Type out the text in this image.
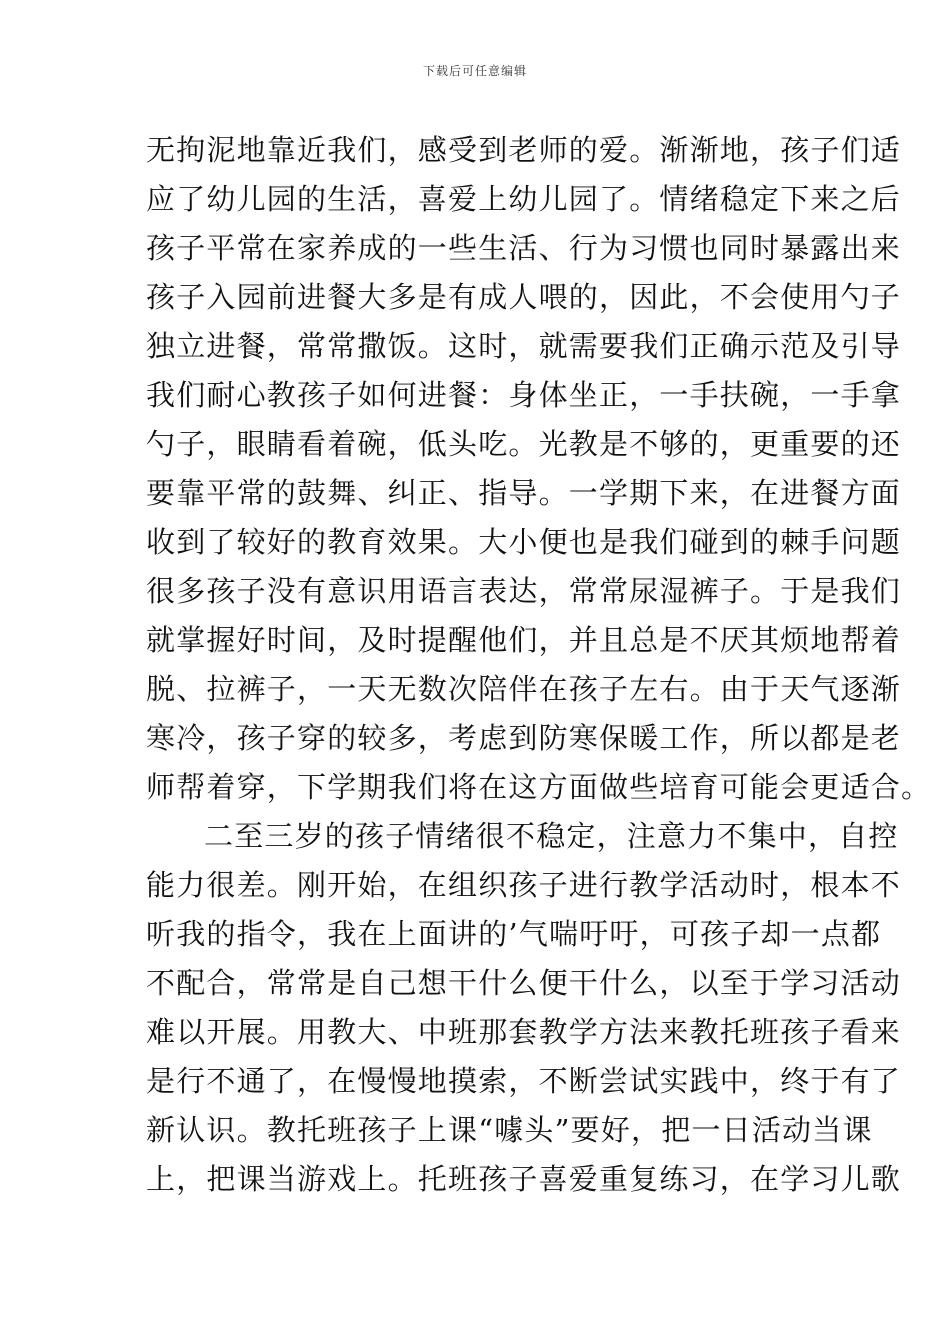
下载后可任意编辑
无拘泥地靠近我们，感受到老师的爱。渐渐地，孩子们适
应了幼儿园的生活，喜爱上幼儿园了。情绪稳定下来之后
孩子平常在家养成的一些生活、行为习惯也同时暴露出来
孩子入园前进餐大多是有成人喂的，因此，不会使用勺子
独立进餐，常常撒饭。这时，就需要我们正确示范及引导
我们耐心教孩子如何进餐：身体坐正，一手扶碗，一手拿
勺子，眼睛看着碗，低头吃。光教是不够的，更重要的还
要靠平常的鼓舞、纠正、指导。一学期下来，在进餐方面
收到了较好的教育效果。大小便也是我们碰到的棘手问题
很多孩子没有意识用语言表达，常常尿湿裤子。于是我们
就掌握好时间，及时提醒他们，并且总是不厌其烦地帮着
脱、拉裤子，一天无数次陪伴在孩子左右。由于天气逐渐
寒冷，孩子穿的较多，考虑到防寒保暖工作，所以都是老
师帮着穿，下学期我们将在这方面做些培育可能会更适合。
二至三岁的孩子情绪很不稳定，注意力不集中，自控
能力很差。刚开始，在组织孩子进行教学活动时，根本不
听我的指令，我在上面讲的’气喘吁吁，可孩子却一点都
不配合，常常是自己想干什么便干什么，以至于学习活动
难以开展。用教大、中班那套教学方法来教托班孩子看来
是行不通了，在慢慢地摸索，不断尝试实践中，终于有了
新认识。教托班孩子上课“噱头”要好，把一日活动当课
上，把课当游戏上。托班孩子喜爱重复练习，在学习儿歌
